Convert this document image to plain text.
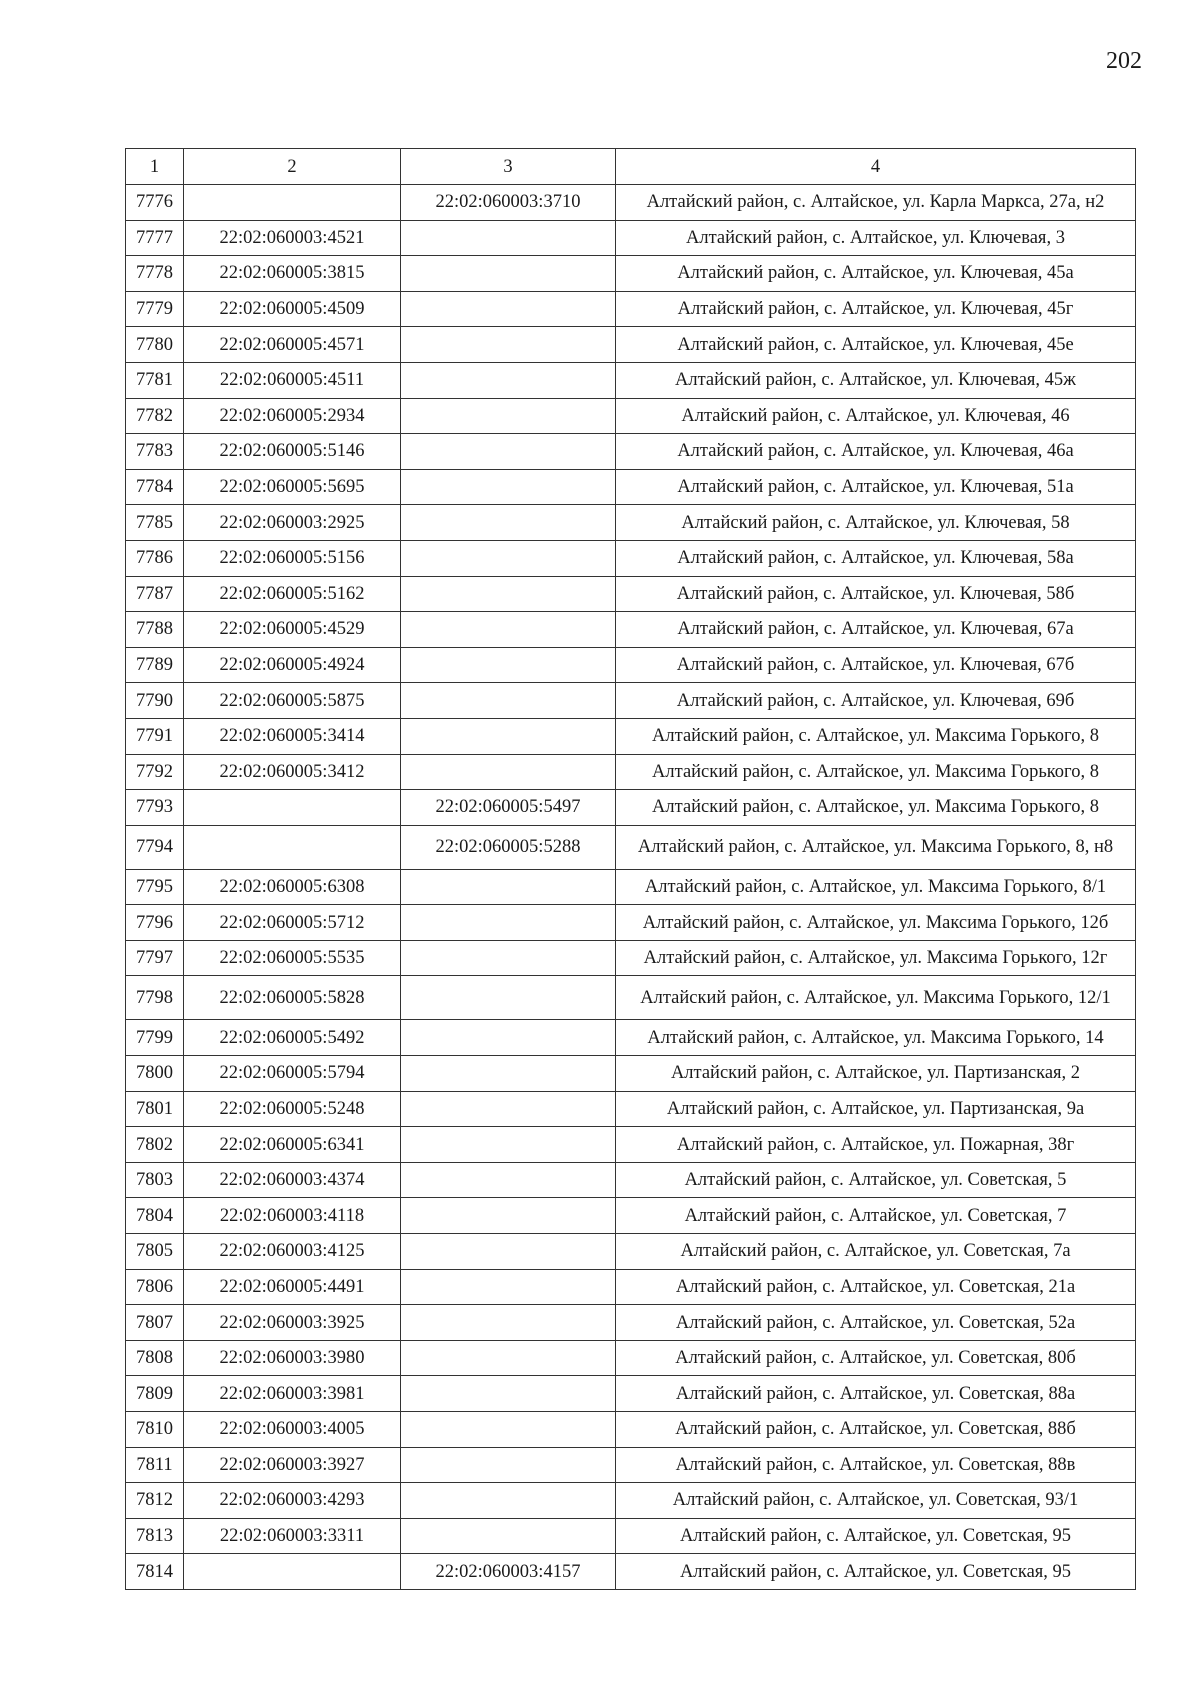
202
1	2	3	4
7776		22:02:060003:3710	Алтайский район, с. Алтайское, ул. Карла Маркса, 27а, н2
7777	22:02:060003:4521		Алтайский район, с. Алтайское, ул. Ключевая, 3
7778	22:02:060005:3815		Алтайский район, с. Алтайское, ул. Ключевая, 45а
7779	22:02:060005:4509		Алтайский район, с. Алтайское, ул. Ключевая, 45г
7780	22:02:060005:4571		Алтайский район, с. Алтайское, ул. Ключевая, 45е
7781	22:02:060005:4511		Алтайский район, с. Алтайское, ул. Ключевая, 45ж
7782	22:02:060005:2934		Алтайский район, с. Алтайское, ул. Ключевая, 46
7783	22:02:060005:5146		Алтайский район, с. Алтайское, ул. Ключевая, 46а
7784	22:02:060005:5695		Алтайский район, с. Алтайское, ул. Ключевая, 51а
7785	22:02:060003:2925		Алтайский район, с. Алтайское, ул. Ключевая, 58
7786	22:02:060005:5156		Алтайский район, с. Алтайское, ул. Ключевая, 58а
7787	22:02:060005:5162		Алтайский район, с. Алтайское, ул. Ключевая, 58б
7788	22:02:060005:4529		Алтайский район, с. Алтайское, ул. Ключевая, 67а
7789	22:02:060005:4924		Алтайский район, с. Алтайское, ул. Ключевая, 67б
7790	22:02:060005:5875		Алтайский район, с. Алтайское, ул. Ключевая, 69б
7791	22:02:060005:3414		Алтайский район, с. Алтайское, ул. Максима Горького, 8
7792	22:02:060005:3412		Алтайский район, с. Алтайское, ул. Максима Горького, 8
7793		22:02:060005:5497	Алтайский район, с. Алтайское, ул. Максима Горького, 8
7794		22:02:060005:5288	Алтайский район, с. Алтайское, ул. Максима Горького, 8, н8
7795	22:02:060005:6308		Алтайский район, с. Алтайское, ул. Максима Горького, 8/1
7796	22:02:060005:5712		Алтайский район, с. Алтайское, ул. Максима Горького, 12б
7797	22:02:060005:5535		Алтайский район, с. Алтайское, ул. Максима Горького, 12г
7798	22:02:060005:5828		Алтайский район, с. Алтайское, ул. Максима Горького, 12/1
7799	22:02:060005:5492		Алтайский район, с. Алтайское, ул. Максима Горького, 14
7800	22:02:060005:5794		Алтайский район, с. Алтайское, ул. Партизанская, 2
7801	22:02:060005:5248		Алтайский район, с. Алтайское, ул. Партизанская, 9а
7802	22:02:060005:6341		Алтайский район, с. Алтайское, ул. Пожарная, 38г
7803	22:02:060003:4374		Алтайский район, с. Алтайское, ул. Советская, 5
7804	22:02:060003:4118		Алтайский район, с. Алтайское, ул. Советская, 7
7805	22:02:060003:4125		Алтайский район, с. Алтайское, ул. Советская, 7а
7806	22:02:060005:4491		Алтайский район, с. Алтайское, ул. Советская, 21а
7807	22:02:060003:3925		Алтайский район, с. Алтайское, ул. Советская, 52а
7808	22:02:060003:3980		Алтайский район, с. Алтайское, ул. Советская, 80б
7809	22:02:060003:3981		Алтайский район, с. Алтайское, ул. Советская, 88а
7810	22:02:060003:4005		Алтайский район, с. Алтайское, ул. Советская, 88б
7811	22:02:060003:3927		Алтайский район, с. Алтайское, ул. Советская, 88в
7812	22:02:060003:4293		Алтайский район, с. Алтайское, ул. Советская, 93/1
7813	22:02:060003:3311		Алтайский район, с. Алтайское, ул. Советская, 95
7814		22:02:060003:4157	Алтайский район, с. Алтайское, ул. Советская, 95
